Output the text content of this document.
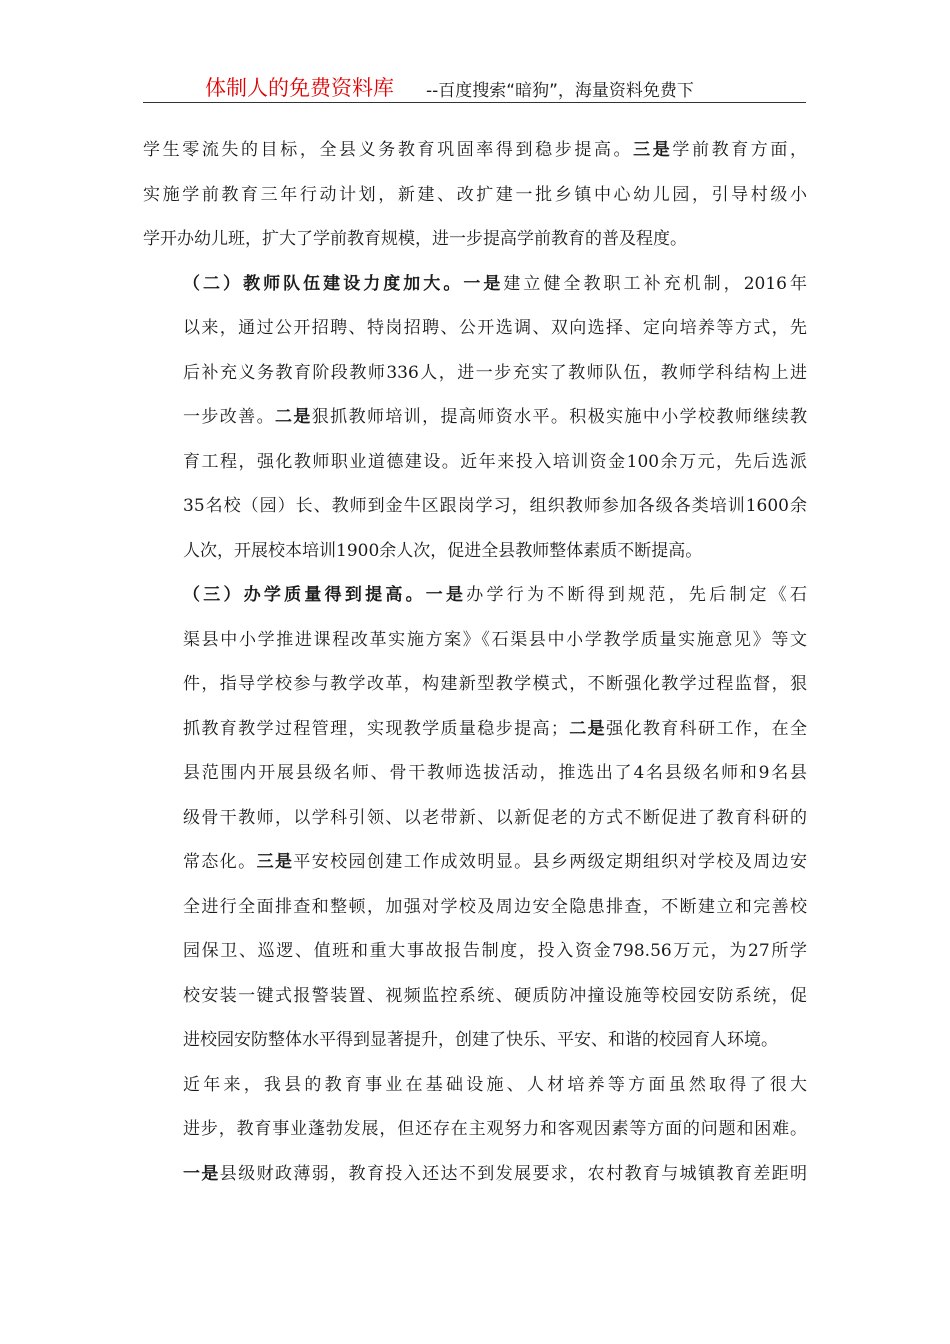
体制人的免费资料库 --百度搜索“暗狗”，海量资料免费下
学生零流失的目标，全县义务教育巩固率得到稳步提高。三是学前教育方面，
实施学前教育三年行动计划，新建、改扩建一批乡镇中心幼儿园，引导村级小
学开办幼儿班，扩大了学前教育规模，进一步提高学前教育的普及程度。
（二）教师队伍建设力度加大。一是建立健全教职工补充机制，2016年
以来，通过公开招聘、特岗招聘、公开选调、双向选择、定向培养等方式，先
后补充义务教育阶段教师336人，进一步充实了教师队伍，教师学科结构上进
一步改善。二是狠抓教师培训，提高师资水平。积极实施中小学校教师继续教
育工程，强化教师职业道德建设。近年来投入培训资金100余万元，先后选派
35名校（园）长、教师到金牛区跟岗学习，组织教师参加各级各类培训1600余
人次，开展校本培训1900余人次，促进全县教师整体素质不断提高。
（三）办学质量得到提高。一是办学行为不断得到规范，先后制定《石
渠县中小学推进课程改革实施方案》《石渠县中小学教学质量实施意见》等文
件，指导学校参与教学改革，构建新型教学模式，不断强化教学过程监督，狠
抓教育教学过程管理，实现教学质量稳步提高；二是强化教育科研工作，在全
县范围内开展县级名师、骨干教师选拔活动，推选出了4名县级名师和9名县
级骨干教师，以学科引领、以老带新、以新促老的方式不断促进了教育科研的
常态化。三是平安校园创建工作成效明显。县乡两级定期组织对学校及周边安
全进行全面排查和整顿，加强对学校及周边安全隐患排查，不断建立和完善校
园保卫、巡逻、值班和重大事故报告制度，投入资金798.56万元，为27所学
校安装一键式报警装置、视频监控系统、硬质防冲撞设施等校园安防系统，促
进校园安防整体水平得到显著提升，创建了快乐、平安、和谐的校园育人环境。
近年来，我县的教育事业在基础设施、人材培养等方面虽然取得了很大
进步，教育事业蓬勃发展，但还存在主观努力和客观因素等方面的问题和困难。
一是县级财政薄弱，教育投入还达不到发展要求，农村教育与城镇教育差距明
